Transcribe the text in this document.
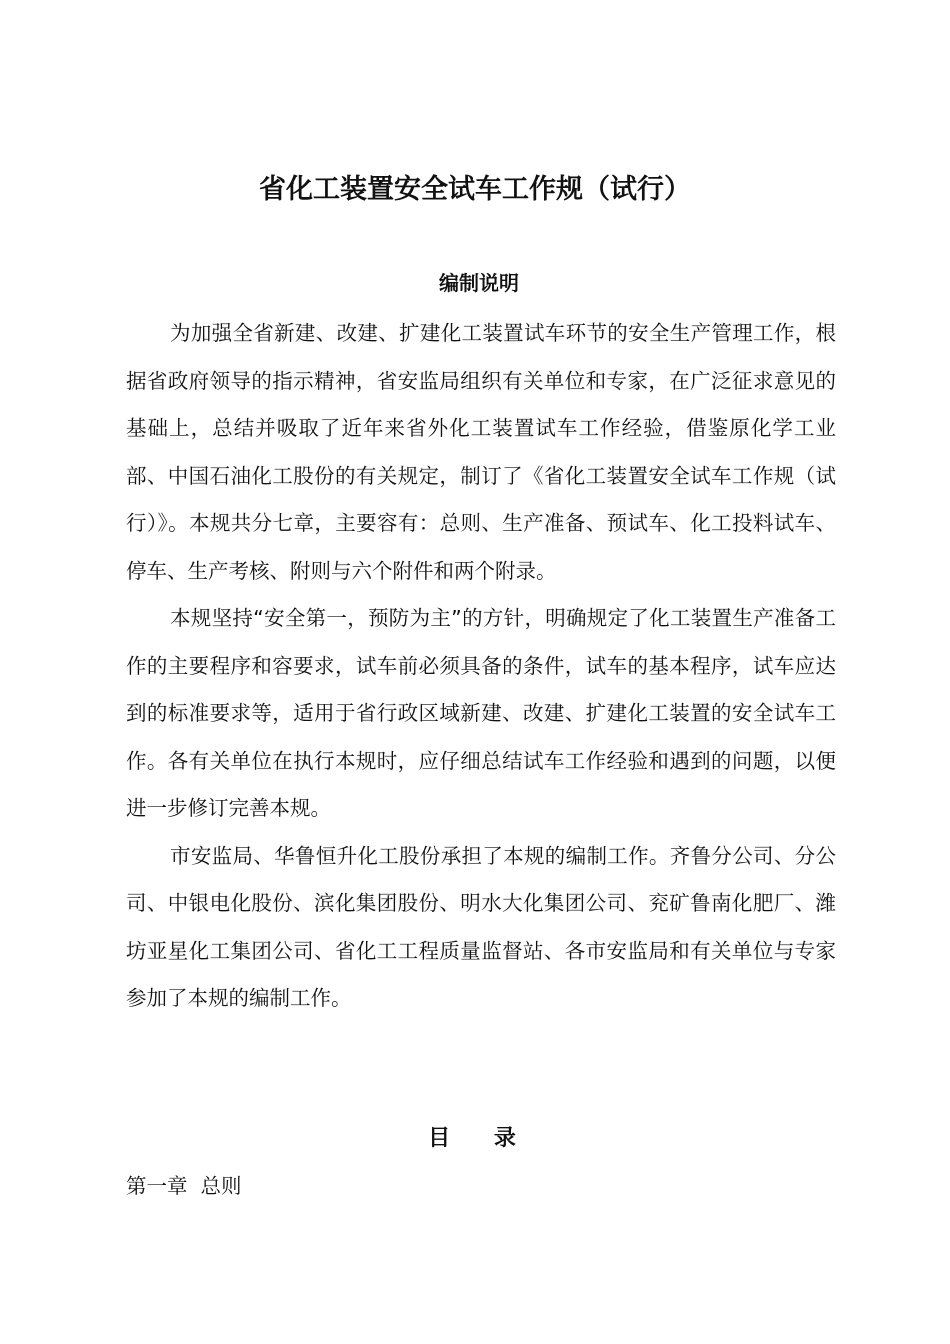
省化工装置安全试车工作规（试行）
编制说明

为加强全省新建、改建、扩建化工装置试车环节的安全生产管理工作，根据省政府领导的指示精神，省安监局组织有关单位和专家，在广泛征求意见的基础上，总结并吸取了近年来省外化工装置试车工作经验，借鉴原化学工业部、中国石油化工股份的有关规定，制订了《省化工装置安全试车工作规（试行）》。本规共分七章，主要容有：总则、生产准备、预试车、化工投料试车、停车、生产考核、附则与六个附件和两个附录。

本规坚持“安全第一，预防为主”的方针，明确规定了化工装置生产准备工作的主要程序和容要求，试车前必须具备的条件，试车的基本程序，试车应达到的标准要求等，适用于省行政区域新建、改建、扩建化工装置的安全试车工作。各有关单位在执行本规时，应仔细总结试车工作经验和遇到的问题，以便进一步修订完善本规。

市安监局、华鲁恒升化工股份承担了本规的编制工作。齐鲁分公司、分公司、中银电化股份、滨化集团股份、明水大化集团公司、兖矿鲁南化肥厂、潍坊亚星化工集团公司、省化工工程质量监督站、各市安监局和有关单位与专家参加了本规的编制工作。

目 录
第一章  总则
